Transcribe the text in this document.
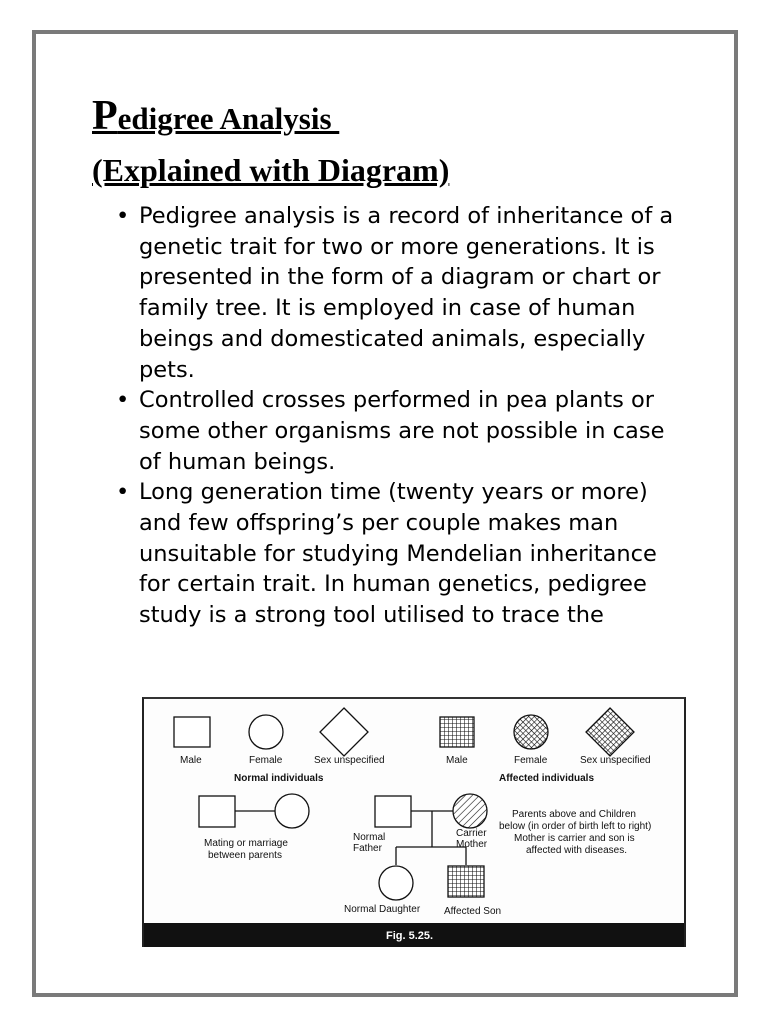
Pedigree Analysis
(Explained with Diagram)
• Pedigree analysis is a record of inheritance of a genetic trait for two or more generations. It is presented in the form of a diagram or chart or family tree. It is employed in case of human beings and domesticated animals, especially pets.
• Controlled crosses performed in pea plants or some other organisms are not possible in case of human beings.
• Long generation time (twenty years or more) and few offspring’s per couple makes man unsuitable for studying Mendelian inheritance for certain trait. In human genetics, pedigree study is a strong tool utilised to trace the
Male	Female	Sex unspecified
Normal individuals
Male	Female	Sex unspecified
Affected individuals
Mating or marriage
between parents
Normal
Father
Carrier
Mother
Normal Daughter Affected Son
Parents above and Children
below (in order of birth left to right)
Mother is carrier and son is
affected with diseases.
Fig. 5.25.
